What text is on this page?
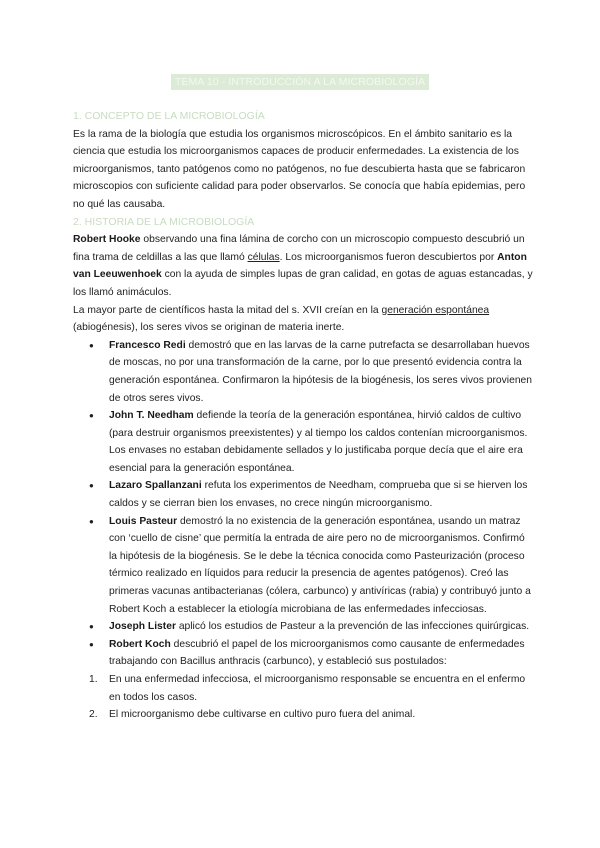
TEMA 10 - INTRODUCCIÓN A LA MICROBIOLOGÍA

1. CONCEPTO DE LA MICROBIOLOGÍA

Es la rama de la biología que estudia los organismos microscópicos. En el ámbito sanitario es la ciencia que estudia los microorganismos capaces de producir enfermedades. La existencia de los microorganismos, tanto patógenos como no patógenos, no fue descubierta hasta que se fabricaron microscopios con suficiente calidad para poder observarlos. Se conocía que había epidemias, pero no qué las causaba.

2. HISTORIA DE LA MICROBIOLOGÍA

Robert Hooke observando una fina lámina de corcho con un microscopio compuesto descubrió un fina trama de celdillas a las que llamó células. Los microorganismos fueron descubiertos por Anton van Leeuwenhoek con la ayuda de simples lupas de gran calidad, en gotas de aguas estancadas, y los llamó animáculos.

La mayor parte de científicos hasta la mitad del s. XVII creían en la generación espontánea (abiogénesis), los seres vivos se originan de materia inerte.

● Francesco Redi demostró que en las larvas de la carne putrefacta se desarrollaban huevos de moscas, no por una transformación de la carne, por lo que presentó evidencia contra la generación espontánea. Confirmaron la hipótesis de la biogénesis, los seres vivos provienen de otros seres vivos.
● John T. Needham defiende la teoría de la generación espontánea, hirvió caldos de cultivo (para destruir organismos preexistentes) y al tiempo los caldos contenían microorganismos. Los envases no estaban debidamente sellados y lo justificaba porque decía que el aire era esencial para la generación espontánea.
● Lazaro Spallanzani refuta los experimentos de Needham, comprueba que si se hierven los caldos y se cierran bien los envases, no crece ningún microorganismo.
● Louis Pasteur demostró la no existencia de la generación espontánea, usando un matraz con ‘cuello de cisne’ que permitía la entrada de aire pero no de microorganismos. Confirmó la hipótesis de la biogénesis. Se le debe la técnica conocida como Pasteurización (proceso térmico realizado en líquidos para reducir la presencia de agentes patógenos). Creó las primeras vacunas antibacterianas (cólera, carbunco) y antivíricas (rabia) y contribuyó junto a Robert Koch a establecer la etiología microbiana de las enfermedades infecciosas.
● Joseph Lister aplicó los estudios de Pasteur a la prevención de las infecciones quirúrgicas.
● Robert Koch descubrió el papel de los microorganismos como causante de enfermedades trabajando con Bacillus anthracis (carbunco), y estableció sus postulados:
1. En una enfermedad infecciosa, el microorganismo responsable se encuentra en el enfermo en todos los casos.
2. El microorganismo debe cultivarse en cultivo puro fuera del animal.
